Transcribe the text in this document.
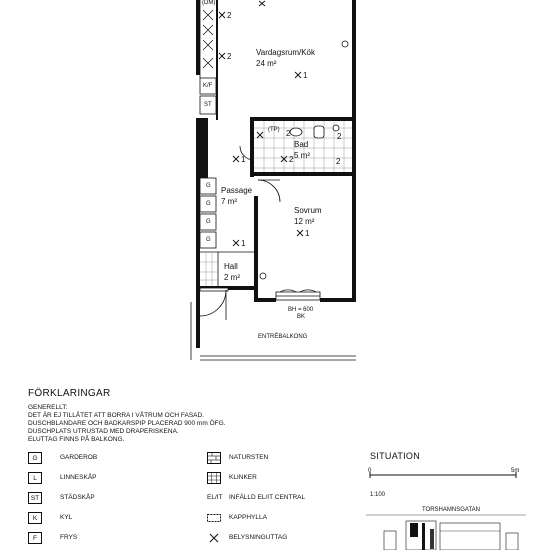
(DM)
2
2
1
K/F
ST
Vardagsrum/Kök
24 m²
(TP) 2	2
Bad
5 m²
2	2
1
G
G
G
G
Passage
7 m²
1
Sovrum
12 m²
1
Hall
2 m²
BH = 600
BK
ENTRÉBALKONG
FÖRKLARINGAR
GENERELLT:
DET ÄR EJ TILLÅTET ATT BORRA I VÅTRUM OCH FASAD.
DUSCHBLANDARE OCH BADKARSPIP PLACERAD 900 mm ÖFG.
DUSCHPLATS UTRUSTAD MED DRAPERISKENA.
ELUTTAG FINNS PÅ BALKONG.
G	GARDEROB
L	LINNESKÅP
ST	STÄDSKÅP
K	KYL
F	FRYS
NATURSTEN
KLINKER
EL/IT INFÄLLD EL/IT CENTRAL
KAPPHYLLA
BELYSNINGUTTAG
SITUATION
0	5m
1:100
TORSHAMNSGATAN
